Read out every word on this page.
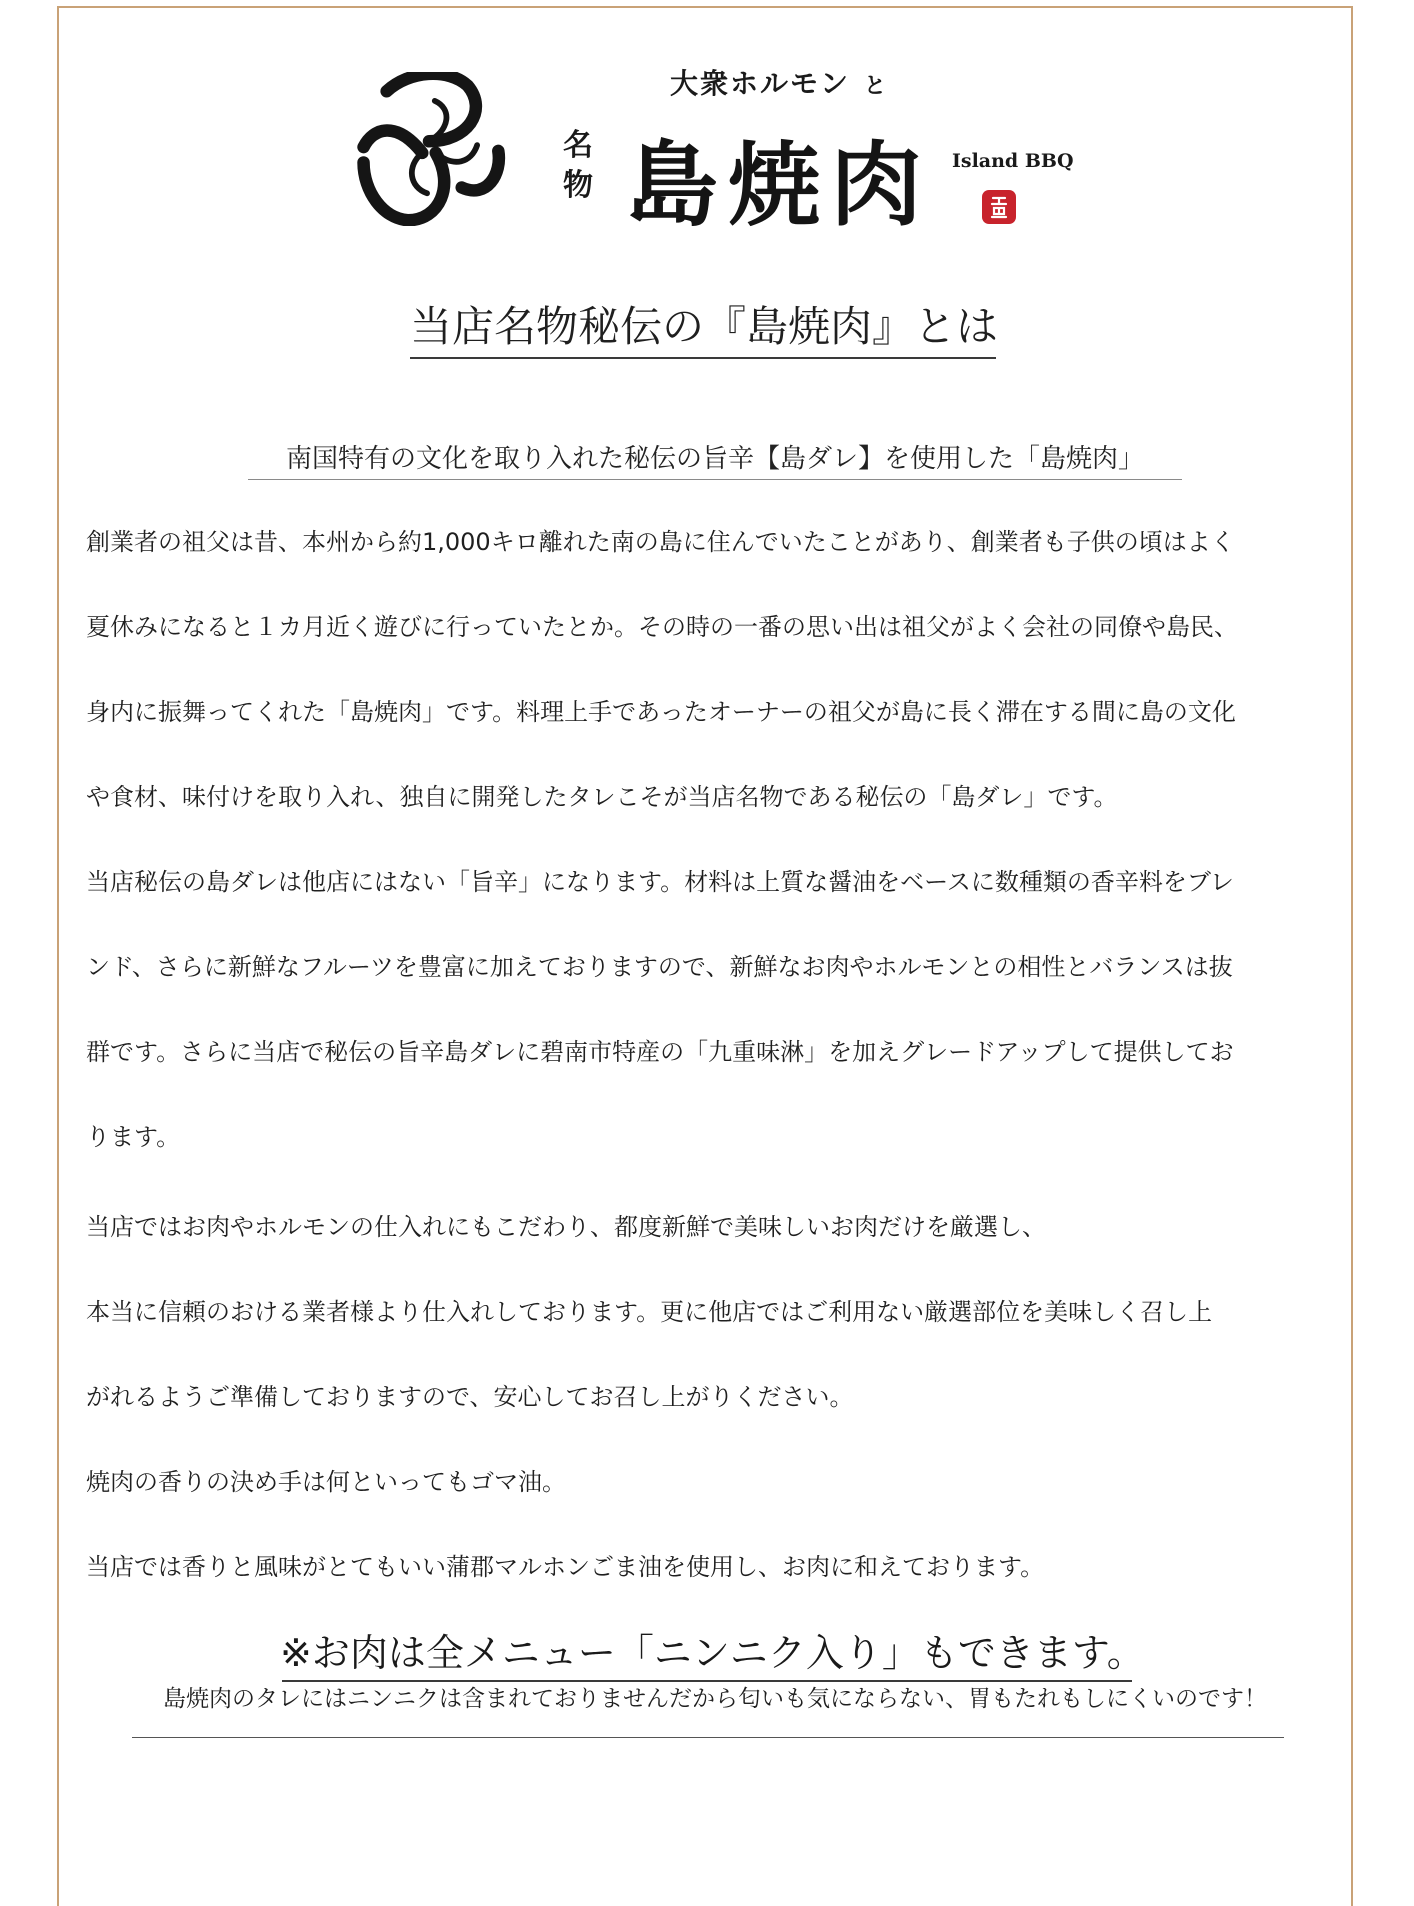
大衆ホルモン と
名物 島焼肉 Island BBQ
当店名物秘伝の『島焼肉』とは
南国特有の文化を取り入れた秘伝の旨辛【島ダレ】を使用した「島焼肉」
創業者の祖父は昔、本州から約1,000キロ離れた南の島に住んでいたことがあり、創業者も子供の頃はよく
夏休みになると１カ月近く遊びに行っていたとか。その時の一番の思い出は祖父がよく会社の同僚や島民、
身内に振舞ってくれた「島焼肉」です。料理上手であったオーナーの祖父が島に長く滞在する間に島の文化
や食材、味付けを取り入れ、独自に開発したタレこそが当店名物である秘伝の「島ダレ」です。
当店秘伝の島ダレは他店にはない「旨辛」になります。材料は上質な醤油をベースに数種類の香辛料をブレ
ンド、さらに新鮮なフルーツを豊富に加えておりますので、新鮮なお肉やホルモンとの相性とバランスは抜
群です。さらに当店で秘伝の旨辛島ダレに碧南市特産の「九重味淋」を加えグレードアップして提供してお
ります。
当店ではお肉やホルモンの仕入れにもこだわり、都度新鮮で美味しいお肉だけを厳選し、
本当に信頼のおける業者様より仕入れしております。更に他店ではご利用ない厳選部位を美味しく召し上
がれるようご準備しておりますので、安心してお召し上がりください。
焼肉の香りの決め手は何といってもゴマ油。
当店では香りと風味がとてもいい蒲郡マルホンごま油を使用し、お肉に和えております。
※お肉は全メニュー「ニンニク入り」もできます。
島焼肉のタレにはニンニクは含まれておりませんだから匂いも気にならない、胃もたれもしにくいのです！
